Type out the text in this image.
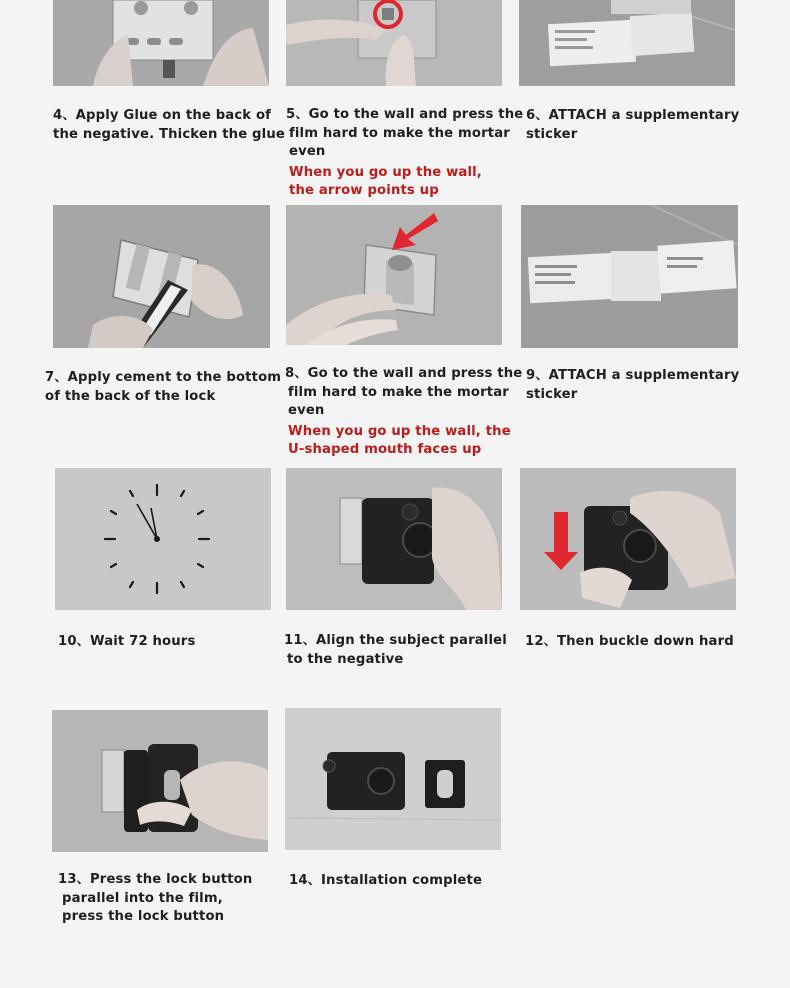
4、Apply Glue on the back of
the negative. Thicken the glue
5、Go to the wall and press the
film hard to make the mortar
even
When you go up the wall,
the arrow points up
6、ATTACH a supplementary
sticker
7、Apply cement to the bottom
of the back of the lock
8、Go to the wall and press the
film hard to make the mortar
even
When you go up the wall, the
U-shaped mouth faces up
9、ATTACH a supplementary
sticker
10、Wait 72 hours	11、Align the subject parallel
to the negative
12、Then buckle down hard
13、Press the lock button
parallel into the film,
press the lock button
14、Installation complete
